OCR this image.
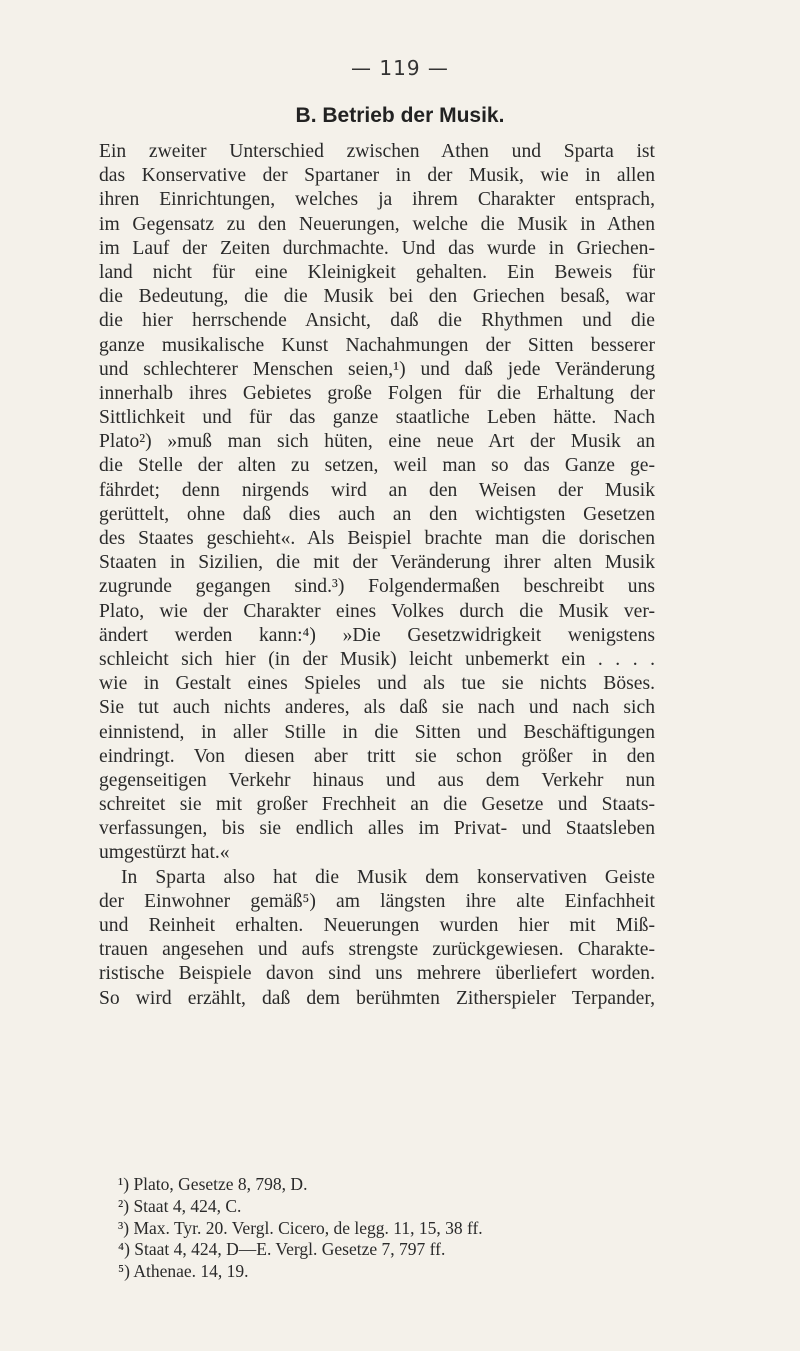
— 119 —
B. Betrieb der Musik.
Ein zweiter Unterschied zwischen Athen und Sparta ist
das Konservative der Spartaner in der Musik, wie in allen
ihren Einrichtungen, welches ja ihrem Charakter entsprach,
im Gegensatz zu den Neuerungen, welche die Musik in Athen
im Lauf der Zeiten durchmachte. Und das wurde in Griechen-
land nicht für eine Kleinigkeit gehalten. Ein Beweis für
die Bedeutung, die die Musik bei den Griechen besaß, war
die hier herrschende Ansicht, daß die Rhythmen und die
ganze musikalische Kunst Nachahmungen der Sitten besserer
und schlechterer Menschen seien,¹) und daß jede Veränderung
innerhalb ihres Gebietes große Folgen für die Erhaltung der
Sittlichkeit und für das ganze staatliche Leben hätte. Nach
Plato²) »muß man sich hüten, eine neue Art der Musik an
die Stelle der alten zu setzen, weil man so das Ganze ge-
fährdet; denn nirgends wird an den Weisen der Musik
gerüttelt, ohne daß dies auch an den wichtigsten Gesetzen
des Staates geschieht«. Als Beispiel brachte man die dorischen
Staaten in Sizilien, die mit der Veränderung ihrer alten Musik
zugrunde gegangen sind.³) Folgendermaßen beschreibt uns
Plato, wie der Charakter eines Volkes durch die Musik ver-
ändert werden kann:⁴) »Die Gesetzwidrigkeit wenigstens
schleicht sich hier (in der Musik) leicht unbemerkt ein . . . .
wie in Gestalt eines Spieles und als tue sie nichts Böses.
Sie tut auch nichts anderes, als daß sie nach und nach sich
einnistend, in aller Stille in die Sitten und Beschäftigungen
eindringt. Von diesen aber tritt sie schon größer in den
gegenseitigen Verkehr hinaus und aus dem Verkehr nun
schreitet sie mit großer Frechheit an die Gesetze und Staats-
verfassungen, bis sie endlich alles im Privat- und Staatsleben
umgestürzt hat.«
In Sparta also hat die Musik dem konservativen Geiste
der Einwohner gemäß⁵) am längsten ihre alte Einfachheit
und Reinheit erhalten. Neuerungen wurden hier mit Miß-
trauen angesehen und aufs strengste zurückgewiesen. Charakte-
ristische Beispiele davon sind uns mehrere überliefert worden.
So wird erzählt, daß dem berühmten Zitherspieler Terpander,
¹) Plato, Gesetze 8, 798, D.
²) Staat 4, 424, C.
³) Max. Tyr. 20. Vergl. Cicero, de legg. 11, 15, 38 ff.
⁴) Staat 4, 424, D—E. Vergl. Gesetze 7, 797 ff.
⁵) Athenae. 14, 19.
